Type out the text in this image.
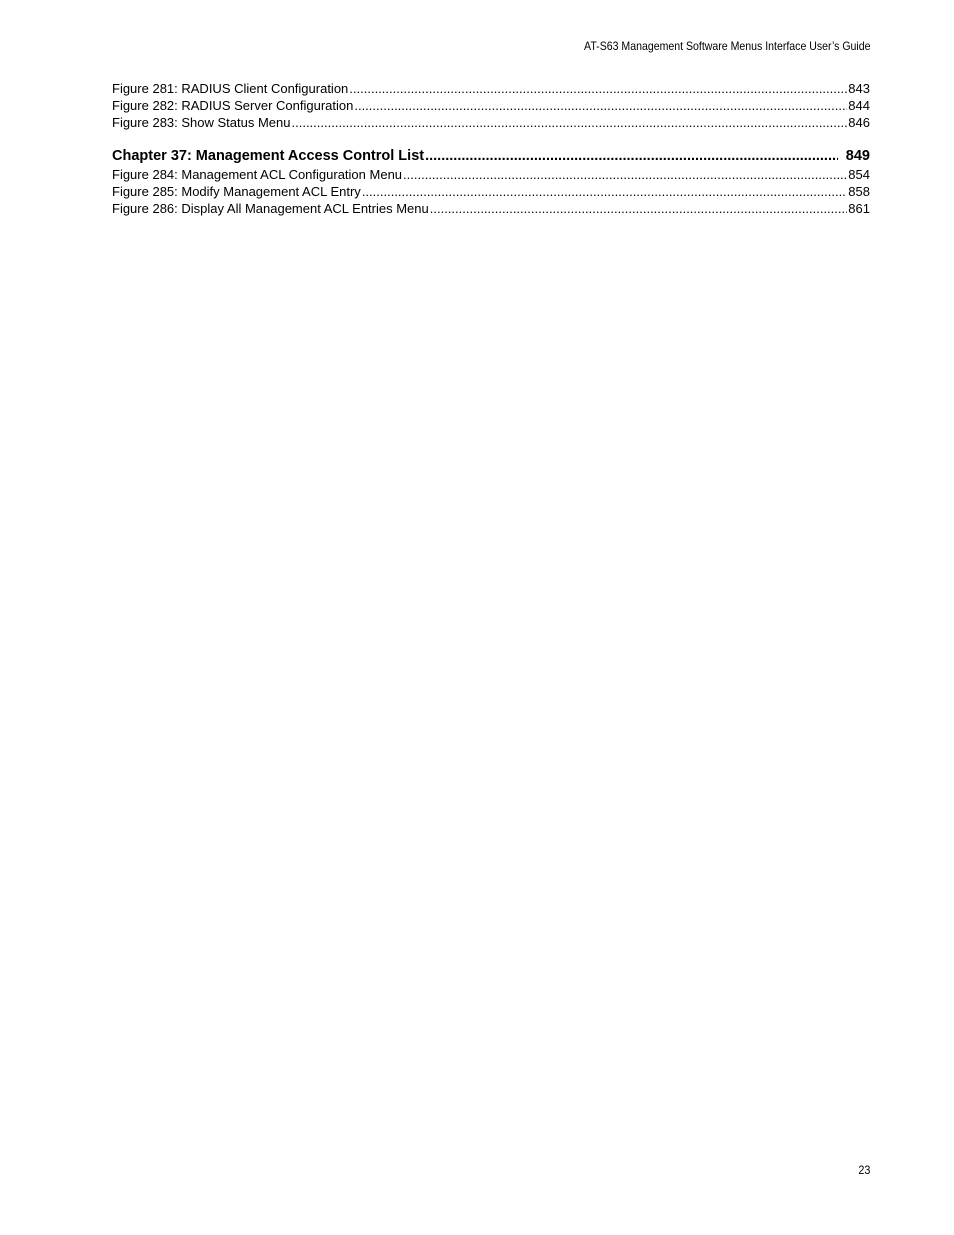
AT-S63 Management Software Menus Interface User’s Guide
Figure 281: RADIUS Client Configuration .....	843
Figure 282: RADIUS Server Configuration .....	844
Figure 283: Show Status Menu .....	846
Chapter 37: Management Access Control List .....	849
Figure 284: Management ACL Configuration Menu .....	854
Figure 285: Modify Management ACL Entry .....	858
Figure 286: Display All Management ACL Entries Menu .....	861
23
